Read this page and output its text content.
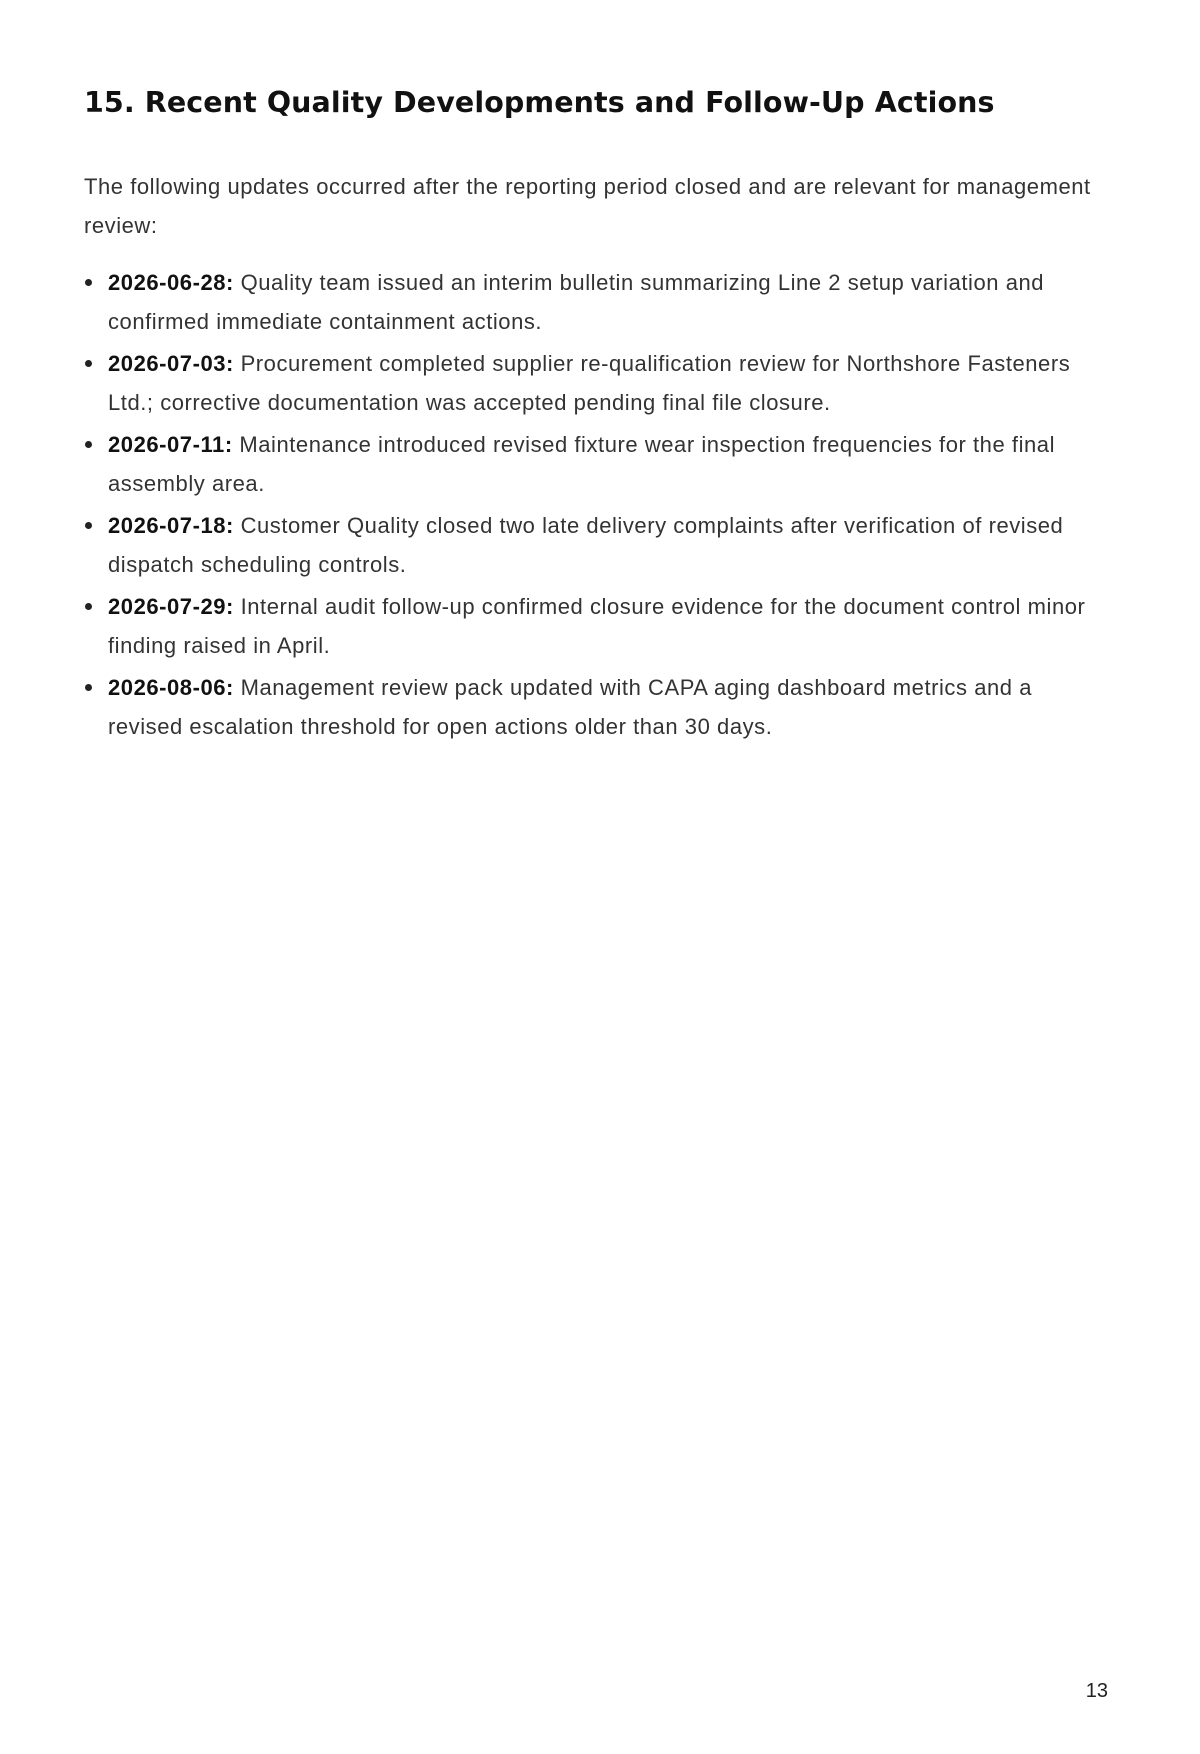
15. Recent Quality Developments and Follow-Up Actions

The following updates occurred after the reporting period closed and are relevant for management review:

2026-06-28: Quality team issued an interim bulletin summarizing Line 2 setup variation and confirmed immediate containment actions.
2026-07-03: Procurement completed supplier re-qualification review for Northshore Fasteners Ltd.; corrective documentation was accepted pending final file closure.
2026-07-11: Maintenance introduced revised fixture wear inspection frequencies for the final assembly area.
2026-07-18: Customer Quality closed two late delivery complaints after verification of revised dispatch scheduling controls.
2026-07-29: Internal audit follow-up confirmed closure evidence for the document control minor finding raised in April.
2026-08-06: Management review pack updated with CAPA aging dashboard metrics and a revised escalation threshold for open actions older than 30 days.
13
